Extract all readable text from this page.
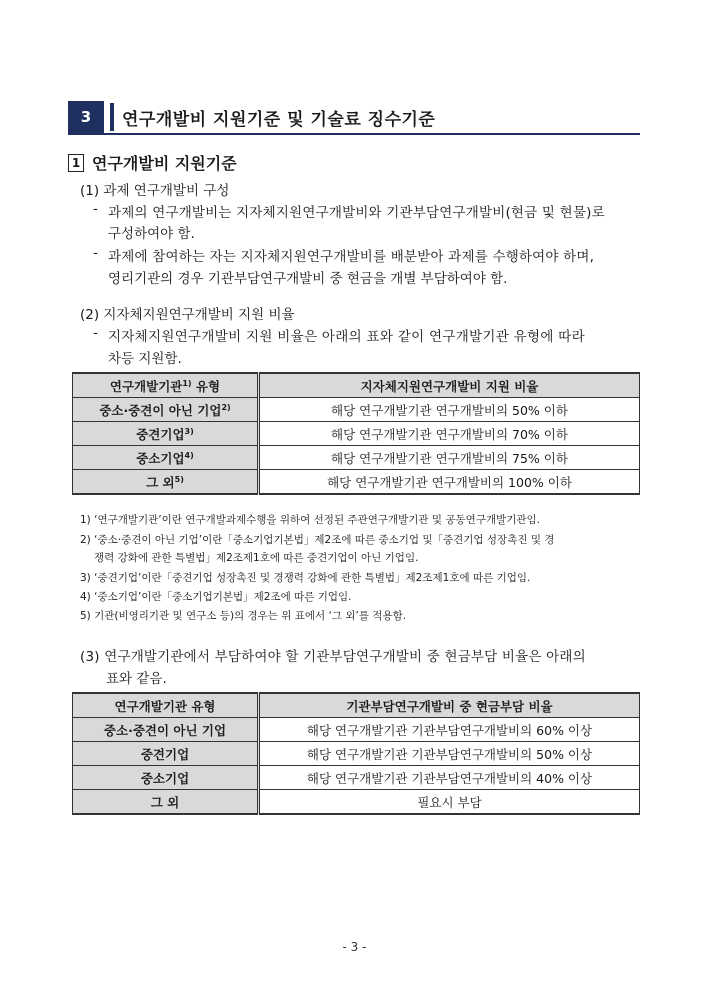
3	연구개발비 지원기준 및 기술료 징수기준
1 연구개발비 지원기준
(1) 과제 연구개발비 구성
- 과제의 연구개발비는 지자체지원연구개발비와 기관부담연구개발비(현금 및 현물)로
구성하여야 함.
- 과제에 참여하는 자는 지자체지원연구개발비를 배분받아 과제를 수행하여야 하며,
영리기관의 경우 기관부담연구개발비 중 현금을 개별 부담하여야 함.
(2) 지자체지원연구개발비 지원 비율
- 지자체지원연구개발비 지원 비율은 아래의 표와 같이 연구개발기관 유형에 따라
차등 지원함.
연구개발기관$^{1)}$ 유형	지자체지원연구개발비 지원 비율
중소·중견이 아닌 기업$^{2)}$	해당 연구개발기관 연구개발비의 50% 이하
중견기업$^{3)}$	해당 연구개발기관 연구개발비의 70% 이하
중소기업$^{4)}$	해당 연구개발기관 연구개발비의 75% 이하
그 외$^{5)}$	해당 연구개발기관 연구개발비의 100% 이하
1) ‘연구개발기관’이란 연구개발과제수행을 위하여 선정된 주관연구개발기관 및 공동연구개발기관임.
2) ‘중소·중견이 아닌 기업’이란「중소기업기본법」제2조에 따른 중소기업 및「중견기업 성장촉진 및 경
쟁력 강화에 관한 특별법」제2조제1호에 따른 중견기업이 아닌 기업임.
3) ‘중견기업’이란「중견기업 성장촉진 및 경쟁력 강화에 관한 특별법」제2조제1호에 따른 기업임.
4) ‘중소기업’이란「중소기업기본법」제2조에 따른 기업임.
5) 기관(비영리기관 및 연구소 등)의 경우는 위 표에서 ‘그 외’를 적용함.
(3) 연구개발기관에서 부담하여야 할 기관부담연구개발비 중 현금부담 비율은 아래의
표와 같음.
연구개발기관 유형	기관부담연구개발비 중 현금부담 비율
중소·중견이 아닌 기업	해당 연구개발기관 기관부담연구개발비의 60% 이상
중견기업	해당 연구개발기관 기관부담연구개발비의 50% 이상
중소기업	해당 연구개발기관 기관부담연구개발비의 40% 이상
그 외	필요시 부담
- 3 -
